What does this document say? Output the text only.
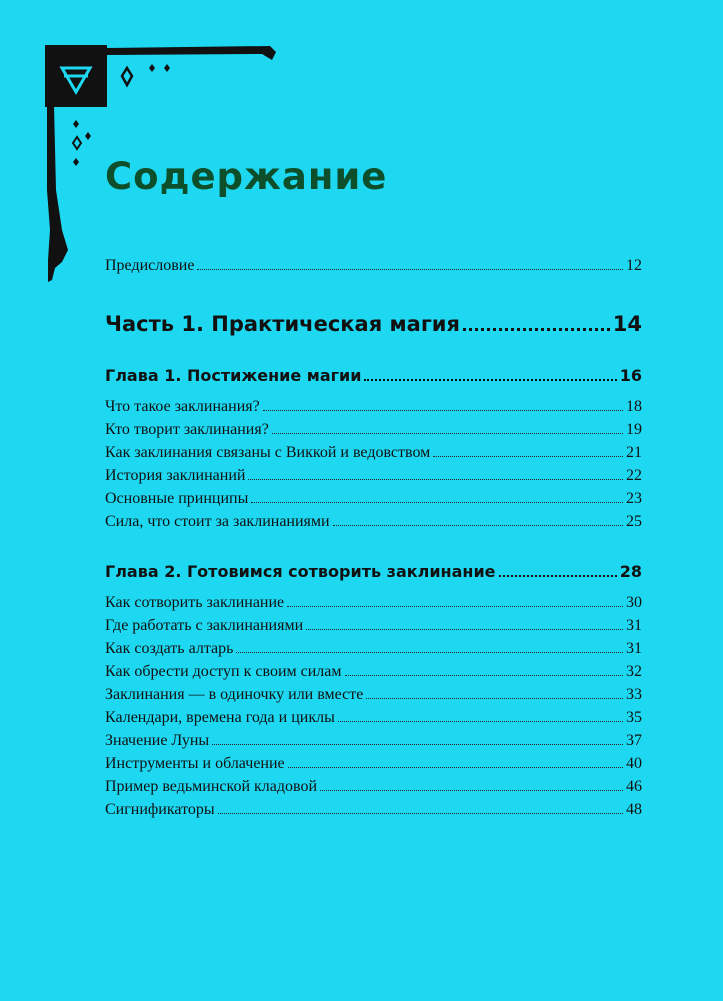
Содержание
Предисловие	12
Часть 1. Практическая магия	14
Глава 1. Постижение магии	16
Что такое заклинания?	18
Кто творит заклинания?	19
Как заклинания связаны с Виккой и ведовством	21
История заклинаний	22
Основные принципы	23
Сила, что стоит за заклинаниями	25
Глава 2. Готовимся сотворить заклинание	28
Как сотворить заклинание	30
Где работать с заклинаниями	31
Как создать алтарь	31
Как обрести доступ к своим силам	32
Заклинания — в одиночку или вместе	33
Календари, времена года и циклы	35
Значение Луны	37
Инструменты и облачение	40
Пример ведьминской кладовой	46
Сигнификаторы	48
